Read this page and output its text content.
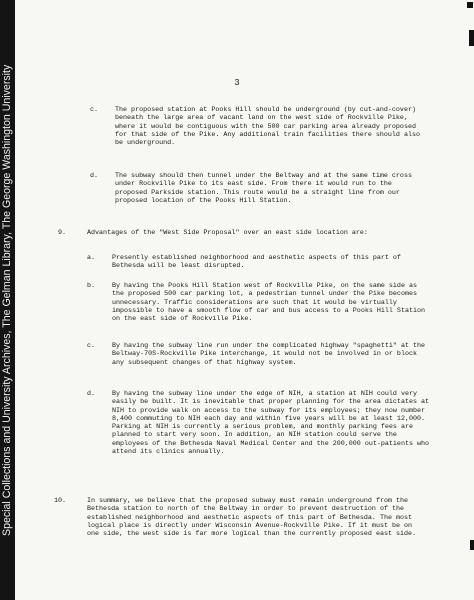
Special Collections and University Archives, The Gelman Library, The George Washington University	3
c.	The proposed station at Pooks Hill should be underground (by cut-and-cover) beneath the large area of vacant land on the west side of Rockville Pike, where it would be contiguous with the 500 car parking area already proposed for that side of the Pike. Any additional train facilities there should also be underground.
d.	The subway should then tunnel under the Beltway and at the same time cross under Rockville Pike to its east side. From there it would run to the proposed Parkside station. This route would be a straight line from our proposed location of the Pooks Hill Station.
9.	Advantages of the "West Side Proposal" over an east side location are:
a.	Presently established neighborhood and aesthetic aspects of this part of Bethesda will be least disrupted.
b.	By having the Pooks Hill Station west of Rockville Pike, on the same side as the proposed 500 car parking lot, a pedestrian tunnel under the Pike becomes unnecessary. Traffic considerations are such that it would be virtually impossible to have a smooth flow of car and bus access to a Pooks Hill Station on the east side of Rockville Pike.
c.	By having the subway line run under the complicated highway "spaghetti" at the Beltway-70S-Rockville Pike interchange, it would not be involved in or block any subsequent changes of that highway system.
d.	By having the subway line under the edge of NIH, a station at NIH could very easily be built. It is inevitable that proper planning for the area dictates at NIH to provide walk on access to the subway for its employees; they now number 8,400 commuting to NIH each day and within five years will be at least 12,000. Parking at NIH is currently a serious problem, and monthly parking fees are planned to start very soon. In addition, an NIH station could serve the employees of the Bethesda Naval Medical Center and the 200,000 out-patients who attend its clinics annually.
10.	In summary, we believe that the proposed subway must remain underground from the Bethesda station to north of the Beltway in order to prevent destruction of the established neighborhood and aesthetic aspects of this part of Bethesda. The most logical place is directly under Wisconsin Avenue-Rockville Pike. If it must be on one side, the west side is far more logical than the currently proposed east side.
